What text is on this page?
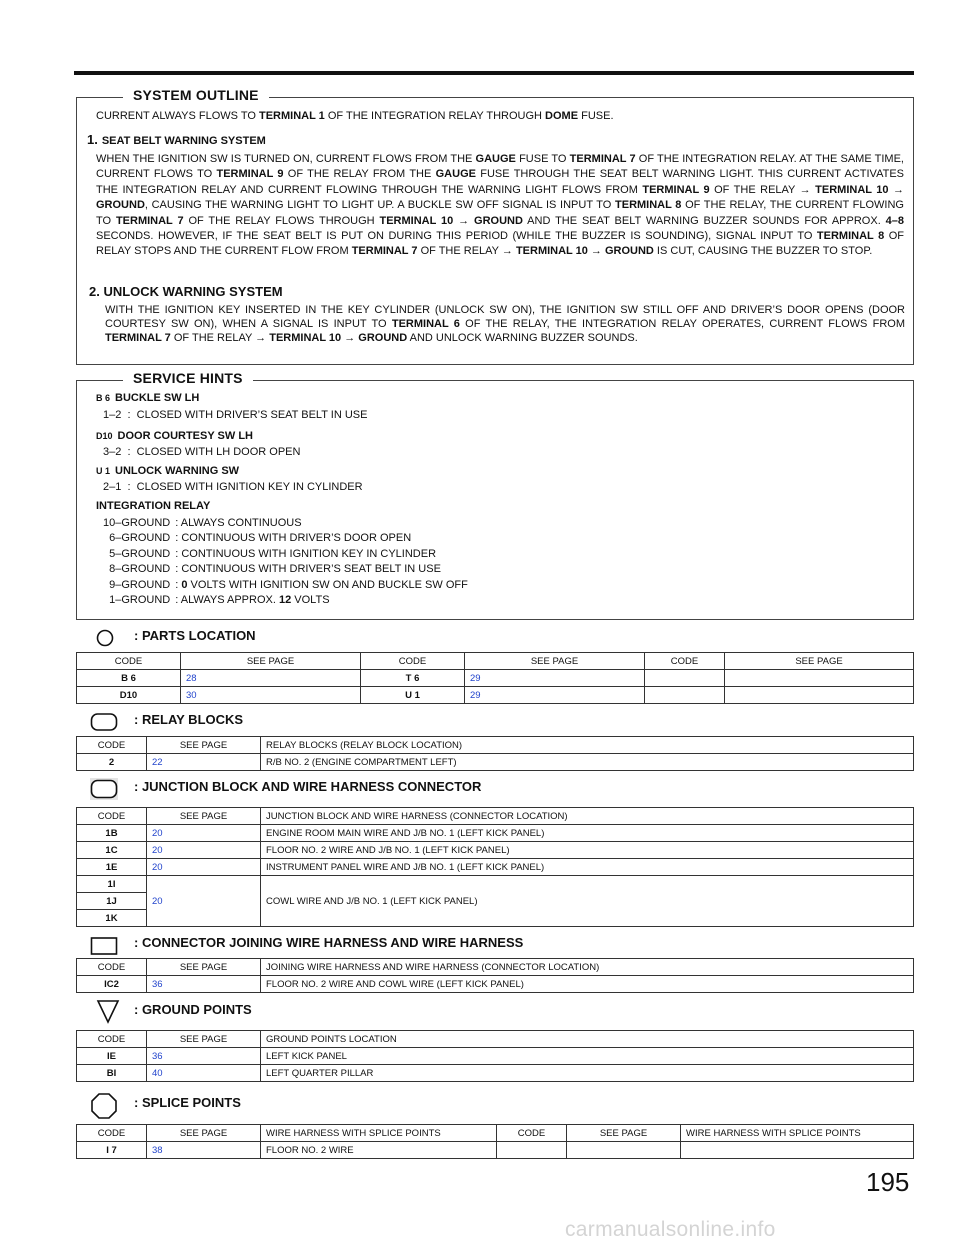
SYSTEM OUTLINE
CURRENT ALWAYS FLOWS TO TERMINAL 1 OF THE INTEGRATION RELAY THROUGH DOME FUSE.
1. SEAT BELT WARNING SYSTEM
WHEN THE IGNITION SW IS TURNED ON, CURRENT FLOWS FROM THE GAUGE FUSE TO TERMINAL 7 OF THE INTEGRATION RELAY. AT THE SAME TIME, CURRENT FLOWS TO TERMINAL 9 OF THE RELAY FROM THE GAUGE FUSE THROUGH THE SEAT BELT WARNING LIGHT. THIS CURRENT ACTIVATES THE INTEGRATION RELAY AND CURRENT FLOWING THROUGH THE WARNING LIGHT FLOWS FROM TERMINAL 9 OF THE RELAY → TERMINAL 10 → GROUND, CAUSING THE WARNING LIGHT TO LIGHT UP. A BUCKLE SW OFF SIGNAL IS INPUT TO TERMINAL 8 OF THE RELAY, THE CURRENT FLOWING TO TERMINAL 7 OF THE RELAY FLOWS THROUGH TERMINAL 10 → GROUND AND THE SEAT BELT WARNING BUZZER SOUNDS FOR APPROX. 4–8 SECONDS. HOWEVER, IF THE SEAT BELT IS PUT ON DURING THIS PERIOD (WHILE THE BUZZER IS SOUNDING), SIGNAL INPUT TO TERMINAL 8 OF RELAY STOPS AND THE CURRENT FLOW FROM TERMINAL 7 OF THE RELAY → TERMINAL 10 → GROUND IS CUT, CAUSING THE BUZZER TO STOP.
2. UNLOCK WARNING SYSTEM
WITH THE IGNITION KEY INSERTED IN THE KEY CYLINDER (UNLOCK SW ON), THE IGNITION SW STILL OFF AND DRIVER’S DOOR OPENS (DOOR COURTESY SW ON), WHEN A SIGNAL IS INPUT TO TERMINAL 6 OF THE RELAY, THE INTEGRATION RELAY OPERATES, CURRENT FLOWS FROM TERMINAL 7 OF THE RELAY → TERMINAL 10 → GROUND AND UNLOCK WARNING BUZZER SOUNDS.
SERVICE HINTS
B 6 BUCKLE SW LH
1–2  :  CLOSED WITH DRIVER’S SEAT BELT IN USE
D10 DOOR COURTESY SW LH
3–2  :  CLOSED WITH LH DOOR OPEN
U 1 UNLOCK WARNING SW
2–1  :  CLOSED WITH IGNITION KEY IN CYLINDER
INTEGRATION RELAY
10–GROUND	: ALWAYS CONTINUOUS
6–GROUND	: CONTINUOUS WITH DRIVER’S DOOR OPEN
5–GROUND	: CONTINUOUS WITH IGNITION KEY IN CYLINDER
8–GROUND	: CONTINUOUS WITH DRIVER’S SEAT BELT IN USE
9–GROUND	: 0 VOLTS WITH IGNITION SW ON AND BUCKLE SW OFF
1–GROUND	: ALWAYS APPROX. 12 VOLTS
: PARTS LOCATION
CODE	SEE PAGE	CODE	SEE PAGE	CODE	SEE PAGE
B 6	28	T 6	29		
D10	30	U 1	29		
: RELAY BLOCKS
CODE	SEE PAGE	RELAY BLOCKS (RELAY BLOCK LOCATION)
2	22	R/B NO. 2 (ENGINE COMPARTMENT LEFT)
: JUNCTION BLOCK AND WIRE HARNESS CONNECTOR
CODE	SEE PAGE	JUNCTION BLOCK AND WIRE HARNESS (CONNECTOR LOCATION)
1B	20	ENGINE ROOM MAIN WIRE AND J/B NO. 1 (LEFT KICK PANEL)
1C	20	FLOOR NO. 2 WIRE AND J/B NO. 1 (LEFT KICK PANEL)
1E	20	INSTRUMENT PANEL WIRE AND J/B NO. 1 (LEFT KICK PANEL)
1I	20	COWL WIRE AND J/B NO. 1 (LEFT KICK PANEL)
1J		
1K		
: CONNECTOR JOINING WIRE HARNESS AND WIRE HARNESS
CODE	SEE PAGE	JOINING WIRE HARNESS AND WIRE HARNESS (CONNECTOR LOCATION)
IC2	36	FLOOR NO. 2 WIRE AND COWL WIRE (LEFT KICK PANEL)
: GROUND POINTS
CODE	SEE PAGE	GROUND POINTS LOCATION
IE	36	LEFT KICK PANEL
BI	40	LEFT QUARTER PILLAR
: SPLICE POINTS
CODE	SEE PAGE	WIRE HARNESS WITH SPLICE POINTS	CODE	SEE PAGE	WIRE HARNESS WITH SPLICE POINTS
I 7	38	FLOOR NO. 2 WIRE			
195
carmanualsonline.info
